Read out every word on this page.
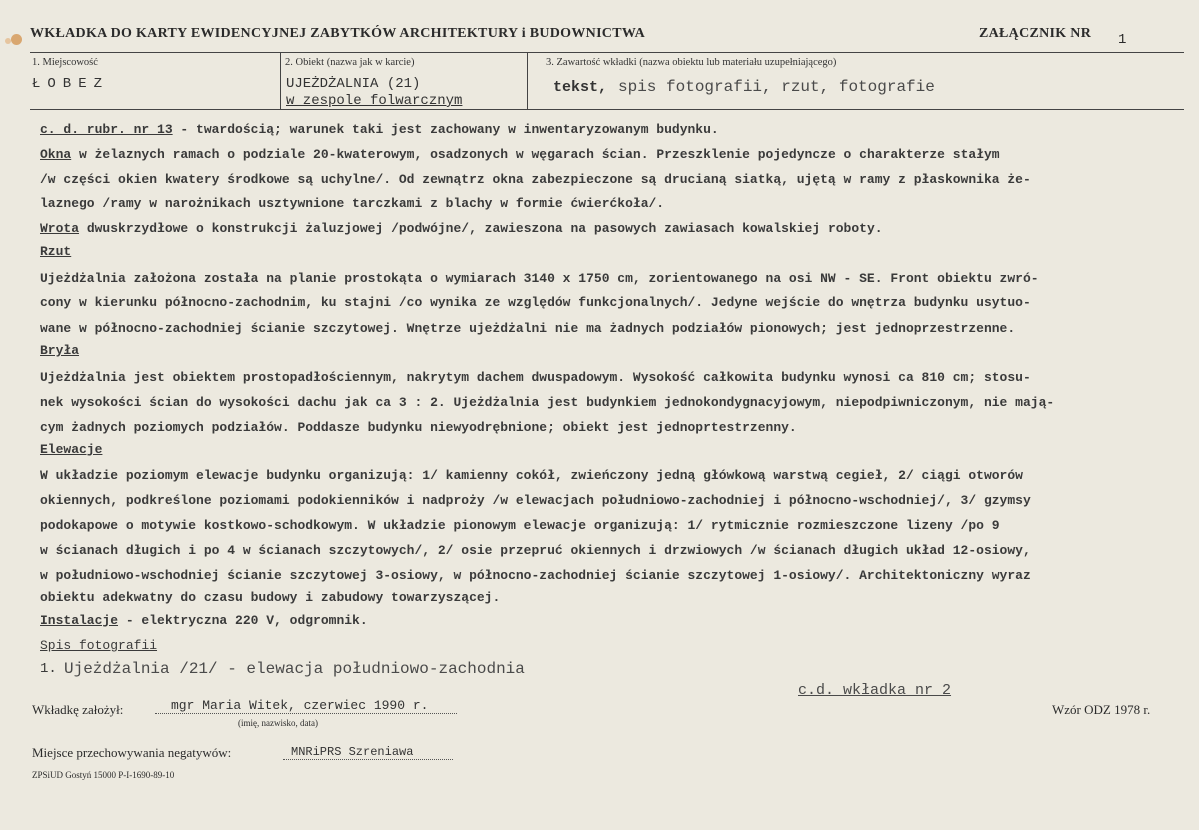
WKŁADKA DO KARTY EWIDENCYJNEJ ZABYTKÓW ARCHITEKTURY i BUDOWNICTWA	ZAŁĄCZNIK NR 1
1. Miejscowość
ŁOBEZ
2. Obiekt (nazwa jak w karcie)
UJEŻDŻALNIA (21)
w zespole folwarcznym
3. Zawartość wkładki (nazwa obiektu lub materiału uzupełniającego)
tekst, spis fotografii, rzut, fotografie
c. d. rubr. nr 13 - twardością; warunek taki jest zachowany w inwentaryzowanym budynku.
Okna w żelaznych ramach o podziale 20-kwaterowym, osadzonych w węgarach ścian. Przeszklenie pojedyncze o charakterze stałym
/w części okien kwatery środkowe są uchylne/. Od zewnątrz okna zabezpieczone są drucianą siatką, ujętą w ramy z płaskownika że-
laznego /ramy w narożnikach usztywnione tarczkami z blachy w formie ćwierćkoła/.
Wrota dwuskrzydłowe o konstrukcji żaluzjowej /podwójne/, zawieszona na pasowych zawiasach kowalskiej roboty.
Rzut
Ujeżdżalnia założona została na planie prostokąta o wymiarach 3140 x 1750 cm, zorientowanego na osi NW - SE. Front obiektu zwró-
cony w kierunku północno-zachodnim, ku stajni /co wynika ze względów funkcjonalnych/. Jedyne wejście do wnętrza budynku usytuo-
wane w północno-zachodniej ścianie szczytowej. Wnętrze ujeżdżalni nie ma żadnych podziałów pionowych; jest jednoprzestrzenne.
Bryła
Ujeżdżalnia jest obiektem prostopadłościennym, nakrytym dachem dwuspadowym. Wysokość całkowita budynku wynosi ca 810 cm; stosu-
nek wysokości ścian do wysokości dachu jak ca 3 : 2. Ujeżdżalnia jest budynkiem jednokondygnacyjowym, niepodpiwniczonym, nie mają-
cym żadnych poziomych podziałów. Poddasze budynku niewyodrębnione; obiekt jest jednoprtestrzenny.
Elewacje
W układzie poziomym elewacje budynku organizują: 1/ kamienny cokół, zwieńczony jedną główkową warstwą cegieł, 2/ ciągi otworów
okiennych, podkreślone poziomami podokienników i nadproży /w elewacjach południowo-zachodniej i północno-wschodniej/, 3/ gzymsy
podokapowe o motywie kostkowo-schodkowym. W układzie pionowym elewacje organizują: 1/ rytmicznie rozmieszczone lizeny /po 9
w ścianach długich i po 4 w ścianach szczytowych/, 2/ osie przepruć okiennych i drzwiowych /w ścianach długich układ 12-osiowy,
w południowo-wschodniej ścianie szczytowej 3-osiowy, w północno-zachodniej ścianie szczytowej 1-osiowy/. Architektoniczny wyraz
obiektu adekwatny do czasu budowy i zabudowy towarzyszącej.
Instalacje - elektryczna 220 V, odgromnik.
Spis fotografii
1. Ujeżdżalnia /21/ - elewacja południowo-zachodnia
c.d. wkładka nr 2
Wkładkę założył:	mgr Maria Witek, czerwiec 1990 r.
(imię, nazwisko, data)
Wzór ODZ 1978 r.
Miejsce przechowywania negatywów:	MNRiPRS Szreniawa
ZPSiUD Gostyń 15000 P-I-1690-89-10
